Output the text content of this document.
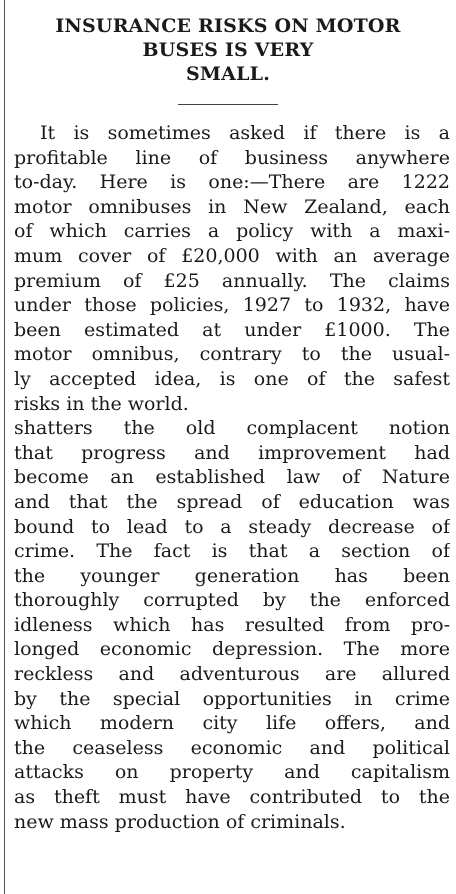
INSURANCE RISKS ON MOTOR
BUSES IS VERY
SMALL.
It is sometimes asked if there is a
profitable line of business anywhere
to-day. Here is one:—There are 1222
motor omnibuses in New Zealand, each
of which carries a policy with a maxi-
mum cover of £20,000 with an average
premium of £25 annually. The claims
under those policies, 1927 to 1932, have
been estimated at under £1000. The
motor omnibus, contrary to the usual-
ly accepted idea, is one of the safest
risks in the world.
shatters the old complacent notion
that progress and improvement had
become an established law of Nature
and that the spread of education was
bound to lead to a steady decrease of
crime. The fact is that a section of
the younger generation has been
thoroughly corrupted by the enforced
idleness which has resulted from pro-
longed economic depression. The more
reckless and adventurous are allured
by the special opportunities in crime
which modern city life offers, and
the ceaseless economic and political
attacks on property and capitalism
as theft must have contributed to the
new mass production of criminals.
